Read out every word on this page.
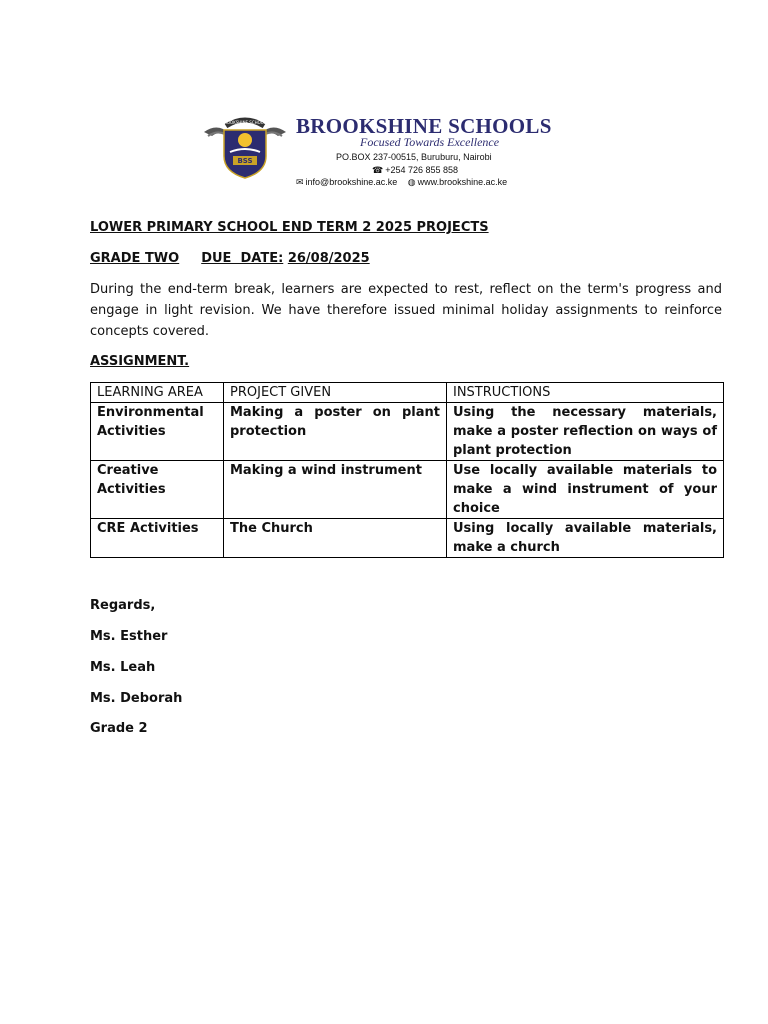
BROOKSHINE SCHOOLS
BSS
BROOKSHINE SCHOOLS
Focused Towards Excellence
PO.BOX 237-00515, Buruburu, Nairobi
☎ +254 726 855 858
✉ info@brookshine.ac.ke ◍ www.brookshine.ac.ke
LOWER PRIMARY SCHOOL END TERM 2 2025 PROJECTS
GRADE TWO DUE  DATE: 26/08/2025
During the end-term break, learners are expected to rest, reflect on the term's progress and engage in light revision. We have therefore issued minimal holiday assignments to reinforce concepts covered.
ASSIGNMENT.
LEARNING AREA	PROJECT GIVEN	INSTRUCTIONS
Environmental Activities	Making a poster on plant protection	Using the necessary materials, make a poster reflection on ways of plant protection
Creative Activities	Making a wind instrument	Use locally available materials to make a wind instrument of your choice
CRE Activities	The Church	Using locally available materials, make a church
Regards,
Ms. Esther
Ms. Leah
Ms. Deborah
Grade 2
